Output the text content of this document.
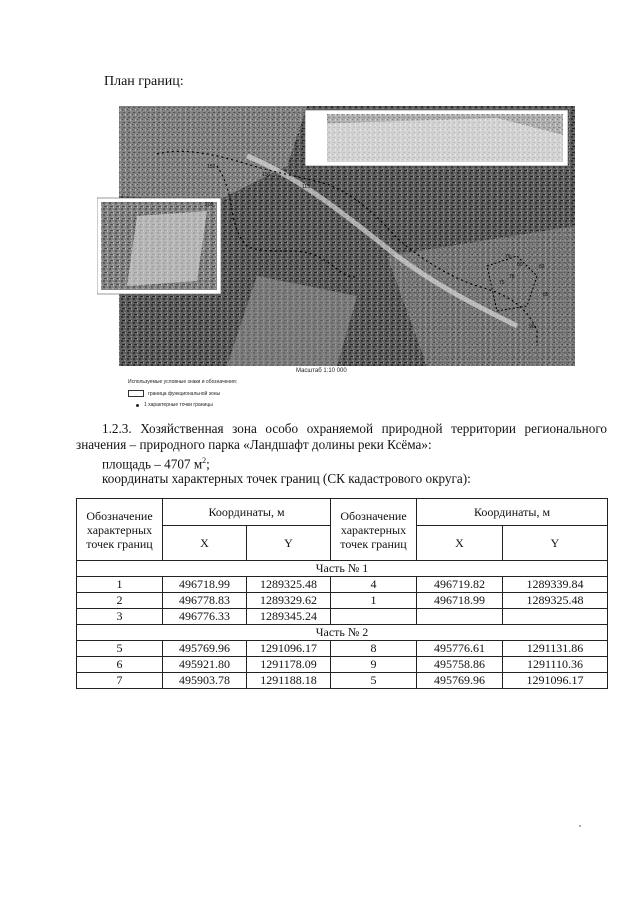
План границ:
152
208
113
150
79
80	82
78
75
85
90
Масштаб 1:10 000
Используемые условные знаки и обозначения:
граница функциональной зоны
1 характерные точки границы
1.2.3. Хозяйственная зона особо охраняемой природной территории регионального
значения – природного парка «Ландшафт долины реки Ксёма»:
площадь – 4707 $м^2$;
координаты характерных точек границ (СК кадастрового округа):
Обозначение характерных точек границ	Координаты, м		Обозначение характерных точек границ	Координаты, м	
	X	Y		X	Y
Часть № 1					
1	496718.99	1289325.48	4	496719.82	1289339.84
2	496778.83	1289329.62	1	496718.99	1289325.48
3	496776.33	1289345.24			
Часть № 2					
5	495769.96	1291096.17	8	495776.61	1291131.86
6	495921.80	1291178.09	9	495758.86	1291110.36
7	495903.78	1291188.18	5	495769.96	1291096.17
